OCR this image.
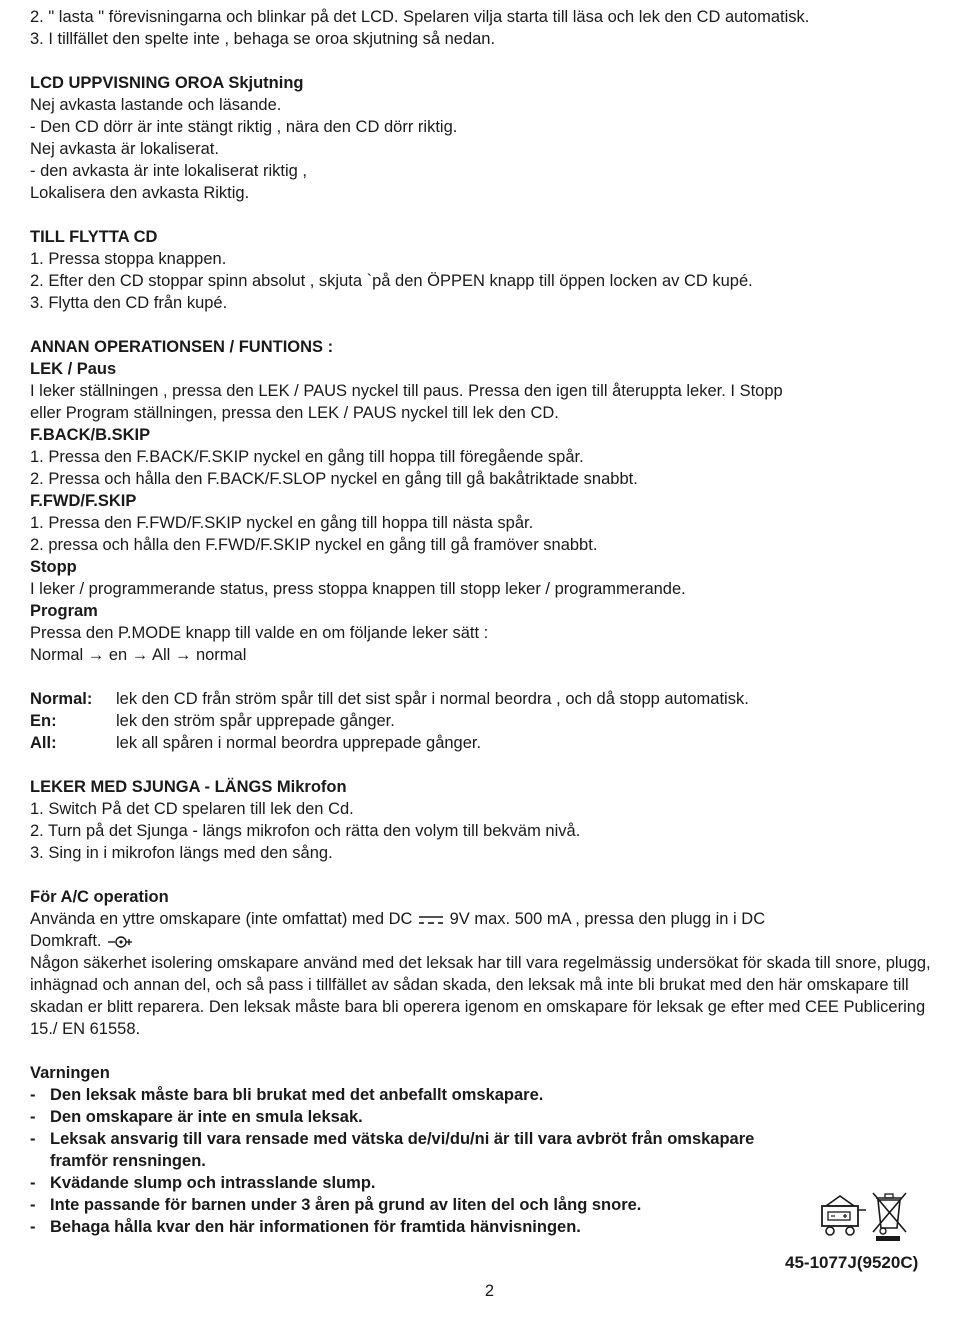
2. " lasta " förevisningarna och blinkar på det LCD. Spelaren vilja starta till läsa och lek den CD automatisk.
3. I tillfället den spelte inte , behaga se oroa skjutning så nedan.
LCD UPPVISNING OROA Skjutning
Nej avkasta lastande och läsande.
- Den CD dörr är inte stängt riktig , nära den CD dörr riktig.
Nej avkasta är lokaliserat.
- den avkasta är inte lokaliserat riktig ,
Lokalisera den avkasta Riktig.
TILL FLYTTA CD
1. Pressa stoppa knappen.
2. Efter den CD stoppar spinn absolut , skjuta `på den ÖPPEN knapp till öppen locken av CD kupé.
3. Flytta den CD från kupé.
ANNAN OPERATIONSEN / FUNTIONS :
LEK / Paus
I leker ställningen , pressa den LEK / PAUS nyckel till paus. Pressa den igen till återuppta leker. I Stopp
eller Program ställningen, pressa den LEK / PAUS nyckel till lek den CD.
F.BACK/B.SKIP
1. Pressa den F.BACK/F.SKIP nyckel en gång till hoppa till föregående spår.
2. Pressa och hålla den F.BACK/F.SLOP nyckel en gång till gå bakåtriktade snabbt.
F.FWD/F.SKIP
1. Pressa den F.FWD/F.SKIP nyckel en gång till hoppa till nästa spår.
2. pressa och hålla den F.FWD/F.SKIP nyckel en gång till gå framöver snabbt.
Stopp
I leker / programmerande status, press stoppa knappen till stopp leker / programmerande.
Program
Pressa den P.MODE knapp till valde en om följande leker sätt :
Normal → en → All → normal
Normal:	lek den CD från ström spår till det sist spår i normal beordra , och då stopp automatisk.
En:	lek den ström spår upprepade gånger.
All:	lek all spåren i normal beordra upprepade gånger.
LEKER MED SJUNGA - LÄNGS Mikrofon
1. Switch På det CD spelaren till lek den Cd.
2. Turn på det Sjunga - längs mikrofon och rätta den volym till bekväm nivå.
3. Sing in i mikrofon längs med den sång.
För A/C operation
Använda en yttre omskapare (inte omfattat) med DC 9V max. 500 mA , pressa den plugg in i DC
Domkraft.
Någon säkerhet isolering omskapare använd med det leksak har till vara regelmässig undersökat för skada till snore, plugg, inhägnad och annan del, och så pass i tillfället av sådan skada, den leksak må inte bli brukat med den här omskapare till skadan er blitt reparera. Den leksak måste bara bli operera igenom en omskapare för leksak ge efter med CEE Publicering 15./ EN 61558.
Varningen
- Den leksak måste bara bli brukat med det anbefallt omskapare.
- Den omskapare är inte en smula leksak.
- Leksak ansvarig till vara rensade med vätska de/vi/du/ni är till vara avbröt från omskapare framför rensningen.
- Kvädande slump och intrasslande slump.
- Inte passande för barnen under 3 åren på grund av liten del och lång snore.
- Behaga hålla kvar den här informationen för framtida hänvisningen.
45-1077J(9520C)
2
